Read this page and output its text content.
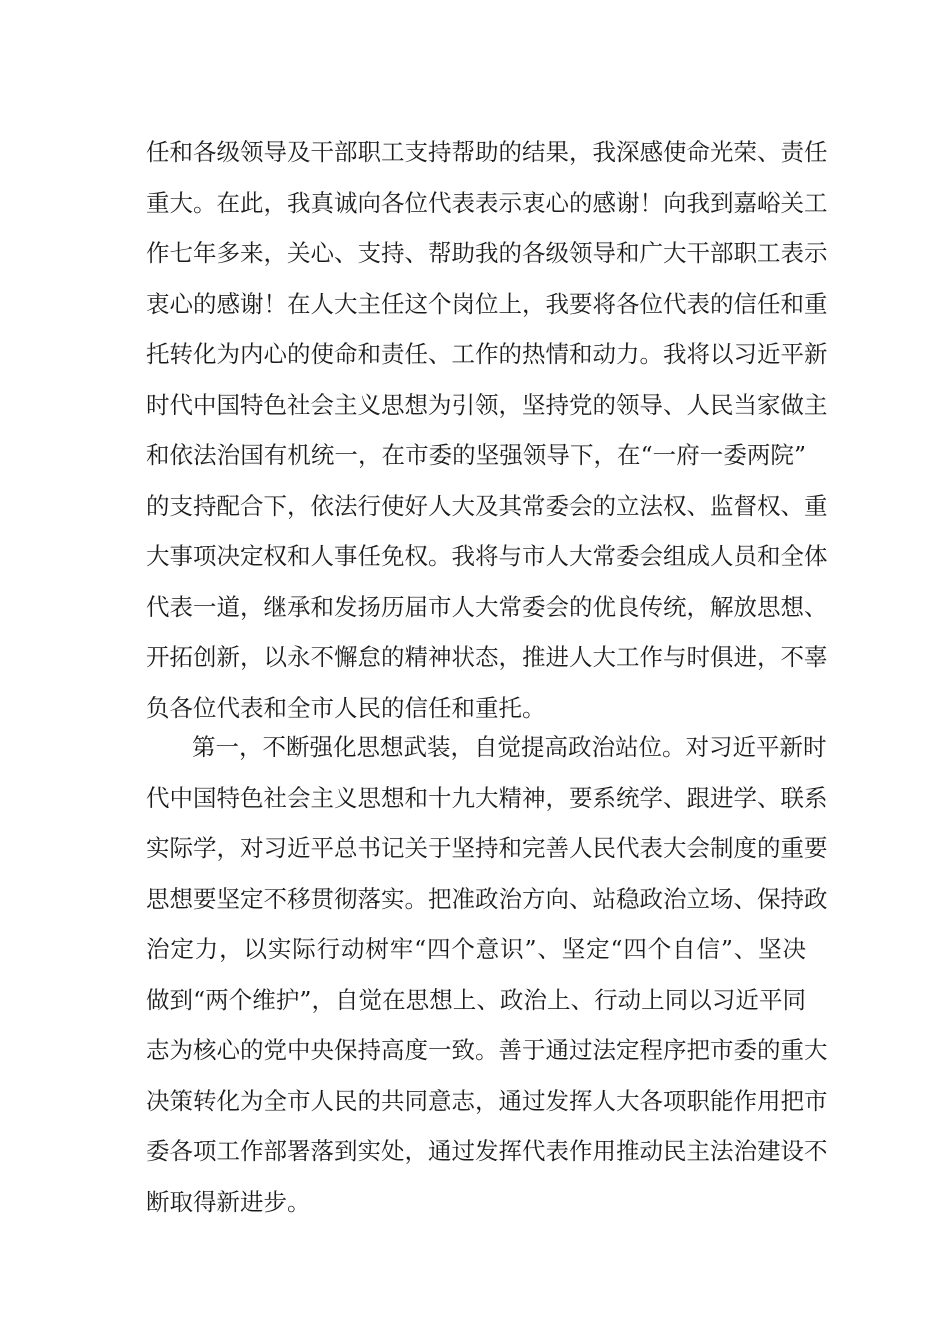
任和各级领导及干部职工支持帮助的结果，我深感使命光荣、责任
重大。在此，我真诚向各位代表表示衷心的感谢！向我到嘉峪关工
作七年多来，关心、支持、帮助我的各级领导和广大干部职工表示
衷心的感谢！在人大主任这个岗位上，我要将各位代表的信任和重
托转化为内心的使命和责任、工作的热情和动力。我将以习近平新
时代中国特色社会主义思想为引领，坚持党的领导、人民当家做主
和依法治国有机统一，在市委的坚强领导下，在“一府一委两院”
的支持配合下，依法行使好人大及其常委会的立法权、监督权、重
大事项决定权和人事任免权。我将与市人大常委会组成人员和全体
代表一道，继承和发扬历届市人大常委会的优良传统，解放思想、
开拓创新，以永不懈怠的精神状态，推进人大工作与时俱进，不辜
负各位代表和全市人民的信任和重托。
第一，不断强化思想武装，自觉提高政治站位。对习近平新时
代中国特色社会主义思想和十九大精神，要系统学、跟进学、联系
实际学，对习近平总书记关于坚持和完善人民代表大会制度的重要
思想要坚定不移贯彻落实。把准政治方向、站稳政治立场、保持政
治定力，以实际行动树牢“四个意识”、坚定“四个自信”、坚决
做到“两个维护”，自觉在思想上、政治上、行动上同以习近平同
志为核心的党中央保持高度一致。善于通过法定程序把市委的重大
决策转化为全市人民的共同意志，通过发挥人大各项职能作用把市
委各项工作部署落到实处，通过发挥代表作用推动民主法治建设不
断取得新进步。
